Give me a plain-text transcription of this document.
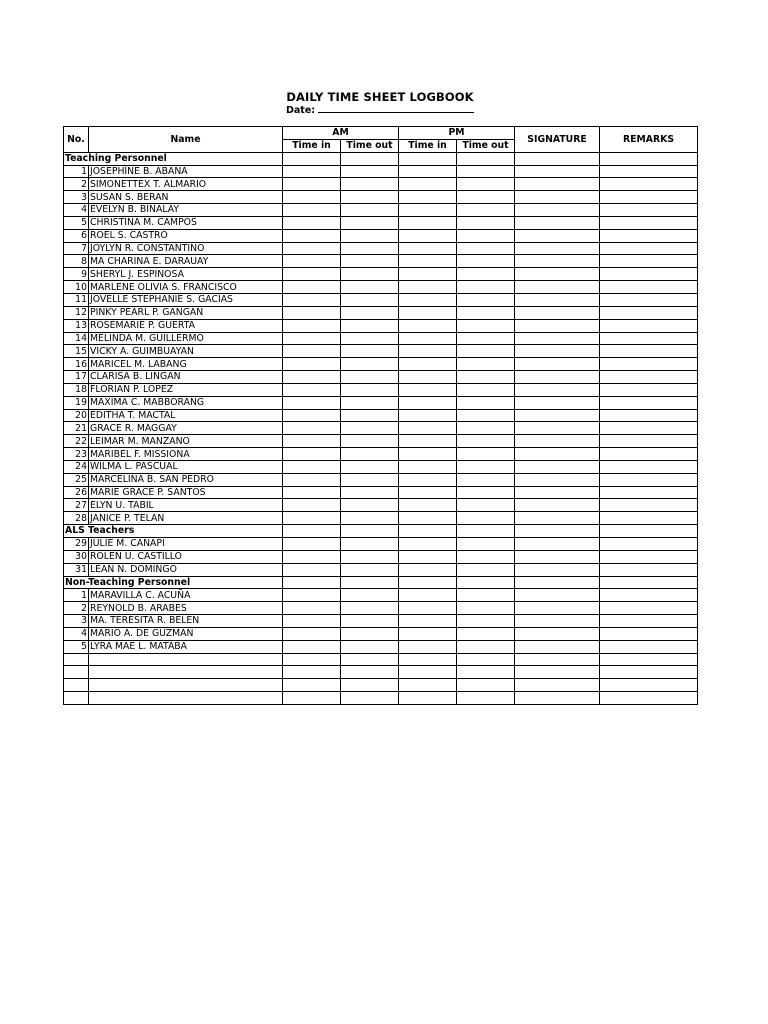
DAILY TIME SHEET LOGBOOK
Date:
No.	Name	AM		PM		SIGNATURE	REMARKS
		Time in	Time out	Time in	Time out		

Teaching Personnel							

1	JOSEPHINE B. ABANA						
2	SIMONETTEX T. ALMARIO						
3	SUSAN S. BERAN						
4	EVELYN B. BINALAY						
5	CHRISTINA M. CAMPOS						
6	ROEL S. CASTRO						
7	JOYLYN R. CONSTANTINO						
8	MA CHARINA E. DARAUAY						
9	SHERYL J. ESPINOSA						
10	MARLENE OLIVIA S. FRANCISCO						
11	JOVELLE STEPHANIE S. GACIAS						
12	PINKY PEARL P. GANGAN						
13	ROSEMARIE P. GUERTA						
14	MELINDA M. GUILLERMO						
15	VICKY A. GUIMBUAYAN						
16	MARICEL M. LABANG						
17	CLARISA B. LINGAN						
18	FLORIAN P. LOPEZ						
19	MAXIMA C. MABBORANG						
20	EDITHA T. MACTAL						
21	GRACE R. MAGGAY						
22	LEIMAR M. MANZANO						
23	MARIBEL F. MISSIONA						
24	WILMA L. PASCUAL						
25	MARCELINA B. SAN PEDRO						
26	MARIE GRACE P. SANTOS						
27	ELYN U. TABIL						
28	JANICE P. TELAN						

ALS Teachers							

29	JULIE M. CANAPI						
30	ROLEN U. CASTILLO						
31	LEAN N. DOMINGO						

Non-Teaching Personnel							

1	MARAVILLA C. ACUÑA						
2	REYNOLD B. ARABES						
3	MA. TERESITA R. BELEN						
4	MARIO A. DE GUZMAN						
5	LYRA MAE L. MATABA						
